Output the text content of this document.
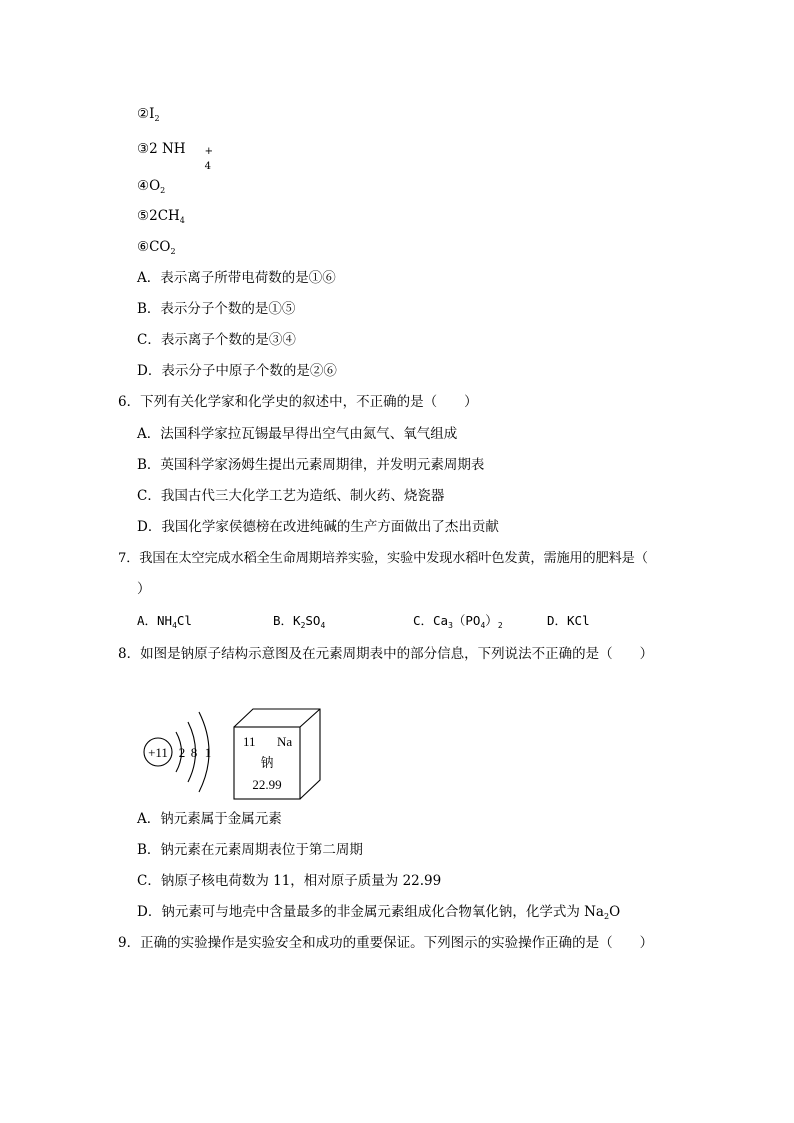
$②I_2$
③2 NH +
4
$④O_2$
$⑤2CH_4$
$⑥CO_2$
A．表示离子所带电荷数的是①⑥
B．表示分子个数的是①⑤
C．表示离子个数的是③④
D．表示分子中原子个数的是②⑥
6．下列有关化学家和化学史的叙述中，不正确的是（　　）
A．法国科学家拉瓦锡最早得出空气由氮气、氧气组成
B．英国科学家汤姆生提出元素周期律，并发明元素周期表
C．我国古代三大化学工艺为造纸、制火药、烧瓷器
D．我国化学家侯德榜在改进纯碱的生产方面做出了杰出贡献
7．我国在太空完成水稻全生命周期培养实验，实验中发现水稻叶色发黄，需施用的肥料是（
）
A．$NH_4Cl$	B．$K_2SO_4$	C．$Ca_3(PO_4)_2$	D．KCl
8．如图是钠原子结构示意图及在元素周期表中的部分信息，下列说法不正确的是（　　）
+11 2 8 1
11 Na
钠
22.99
A．钠元素属于金属元素
B．钠元素在元素周期表位于第二周期
C．钠原子核电荷数为 11，相对原子质量为 22.99
D．钠元素可与地壳中含量最多的非金属元素组成化合物氧化钠，化学式为 $Na_2O$
9．正确的实验操作是实验安全和成功的重要保证。下列图示的实验操作正确的是（　　）
